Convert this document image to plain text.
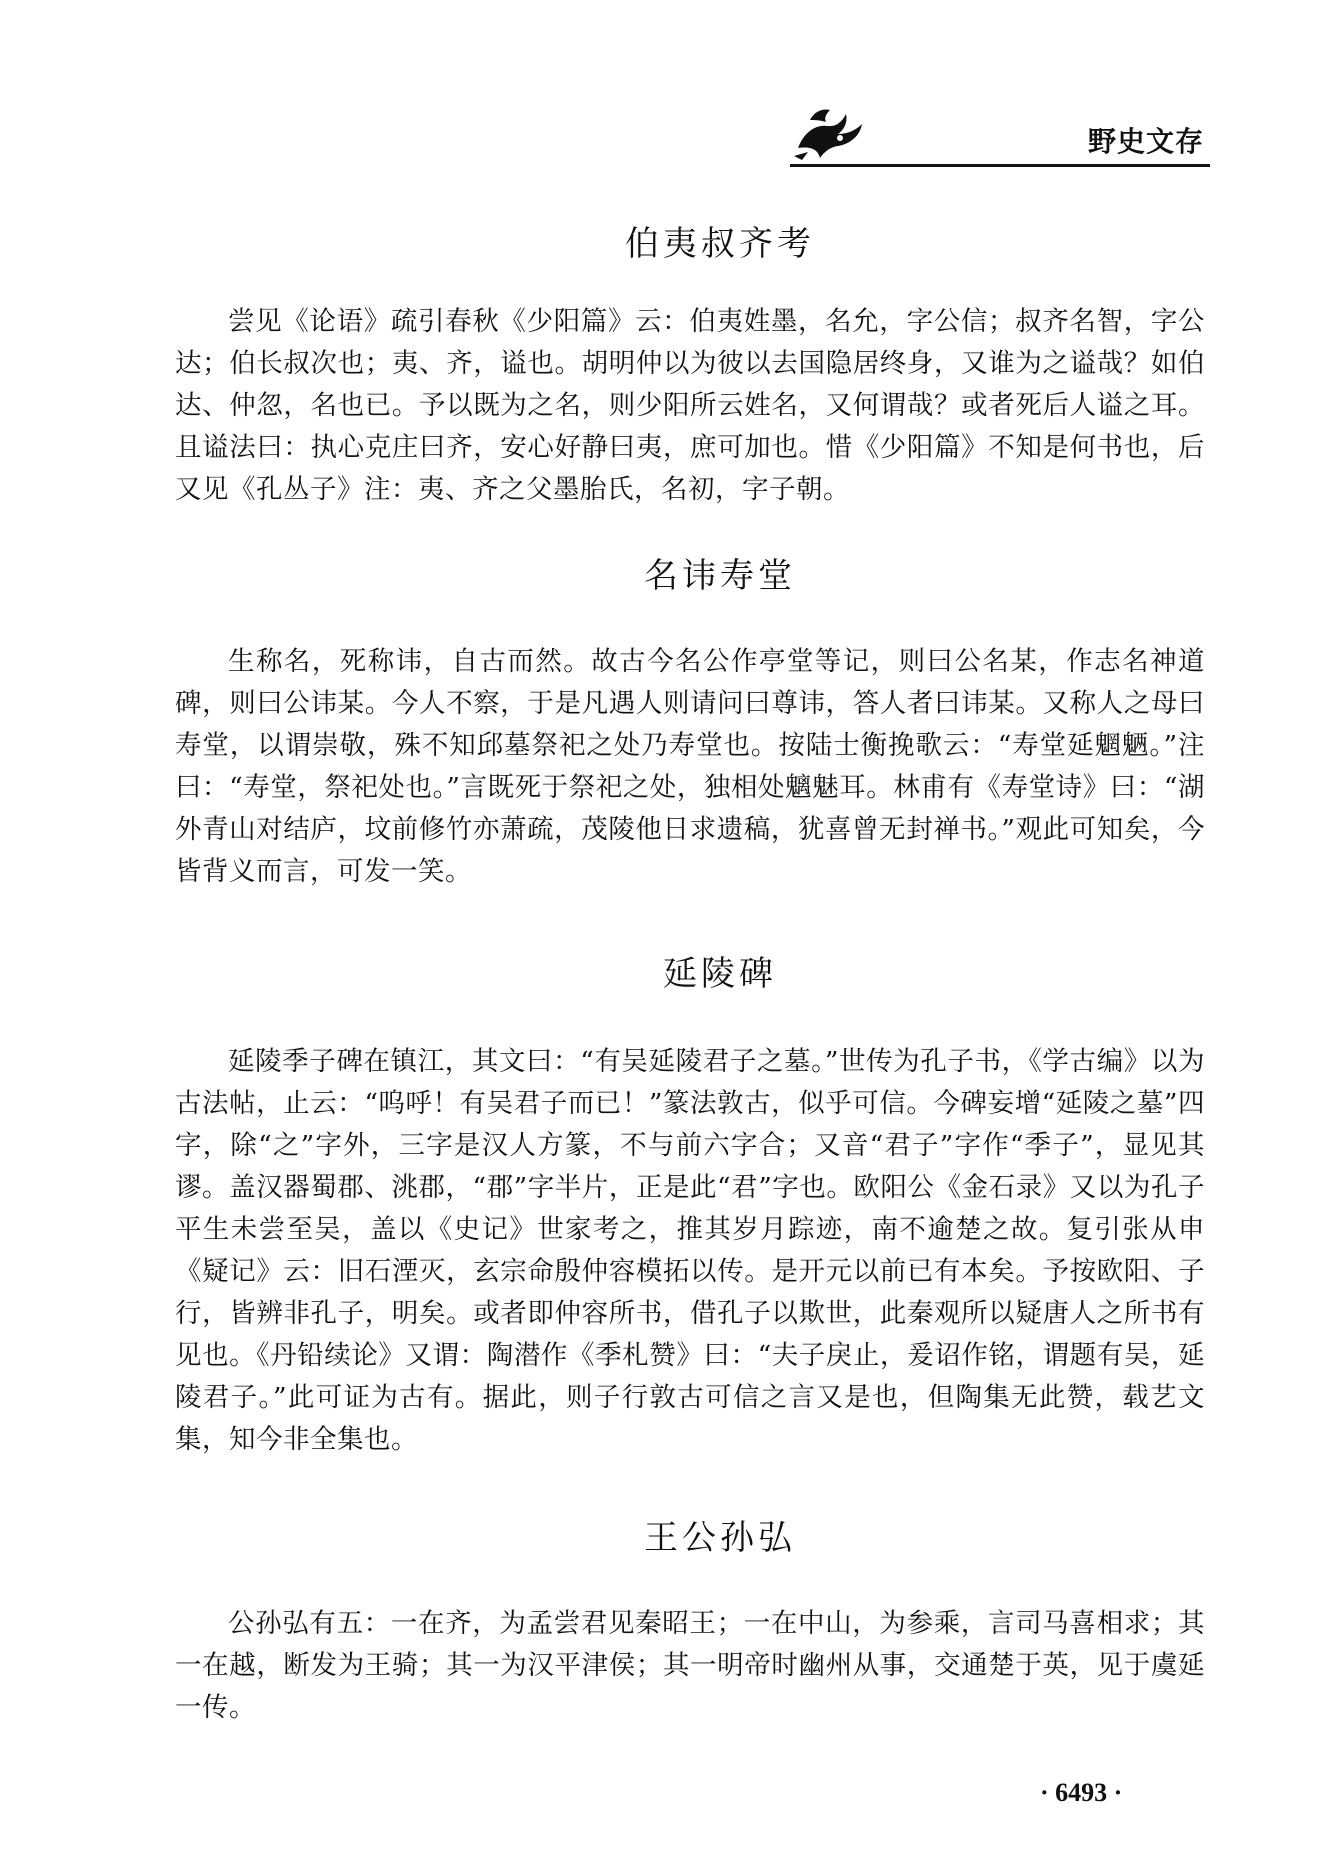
野史文存
伯夷叔齐考

尝见《论语》疏引春秋《少阳篇》云：伯夷姓墨，名允，字公信；叔齐名智，字公达；伯长叔次也；夷、齐，谥也。胡明仲以为彼以去国隐居终身，又谁为之谥哉？如伯达、仲忽，名也已。予以既为之名，则少阳所云姓名，又何谓哉？或者死后人谥之耳。且谥法曰：执心克庄曰齐，安心好静曰夷，庶可加也。惜《少阳篇》不知是何书也，后又见《孔丛子》注：夷、齐之父墨胎氏，名初，字子朝。

名讳寿堂

生称名，死称讳，自古而然。故古今名公作亭堂等记，则曰公名某，作志名神道碑，则曰公讳某。今人不察，于是凡遇人则请问曰尊讳，答人者曰讳某。又称人之母曰寿堂，以谓崇敬，殊不知邱墓祭祀之处乃寿堂也。按陆士衡挽歌云：“寿堂延魍魉。”注曰：“寿堂，祭祀处也。”言既死于祭祀之处，独相处魑魅耳。林甫有《寿堂诗》曰：“湖外青山对结庐，坟前修竹亦萧疏，茂陵他日求遗稿，犹喜曾无封禅书。”观此可知矣，今皆背义而言，可发一笑。

延陵碑

延陵季子碑在镇江，其文曰：“有吴延陵君子之墓。”世传为孔子书，《学古编》以为古法帖，止云：“呜呼！有吴君子而已！”篆法敦古，似乎可信。今碑妄增“延陵之墓”四字，除“之”字外，三字是汉人方篆，不与前六字合；又音“君子”字作“季子”，显见其谬。盖汉器蜀郡、洮郡，“郡”字半片，正是此“君”字也。欧阳公《金石录》又以为孔子平生未尝至吴，盖以《史记》世家考之，推其岁月踪迹，南不逾楚之故。复引张从申《疑记》云：旧石湮灭，玄宗命殷仲容模拓以传。是开元以前已有本矣。予按欧阳、子行，皆辨非孔子，明矣。或者即仲容所书，借孔子以欺世，此秦观所以疑唐人之所书有见也。《丹铅续论》又谓：陶潜作《季札赞》曰：“夫子戾止，爰诏作铭，谓题有吴，延陵君子。”此可证为古有。据此，则子行敦古可信之言又是也，但陶集无此赞，载艺文集，知今非全集也。

王公孙弘

公孙弘有五：一在齐，为孟尝君见秦昭王；一在中山，为参乘，言司马喜相求；其一在越，断发为王骑；其一为汉平津侯；其一明帝时幽州从事，交通楚于英，见于虞延一传。

· 6493 ·
